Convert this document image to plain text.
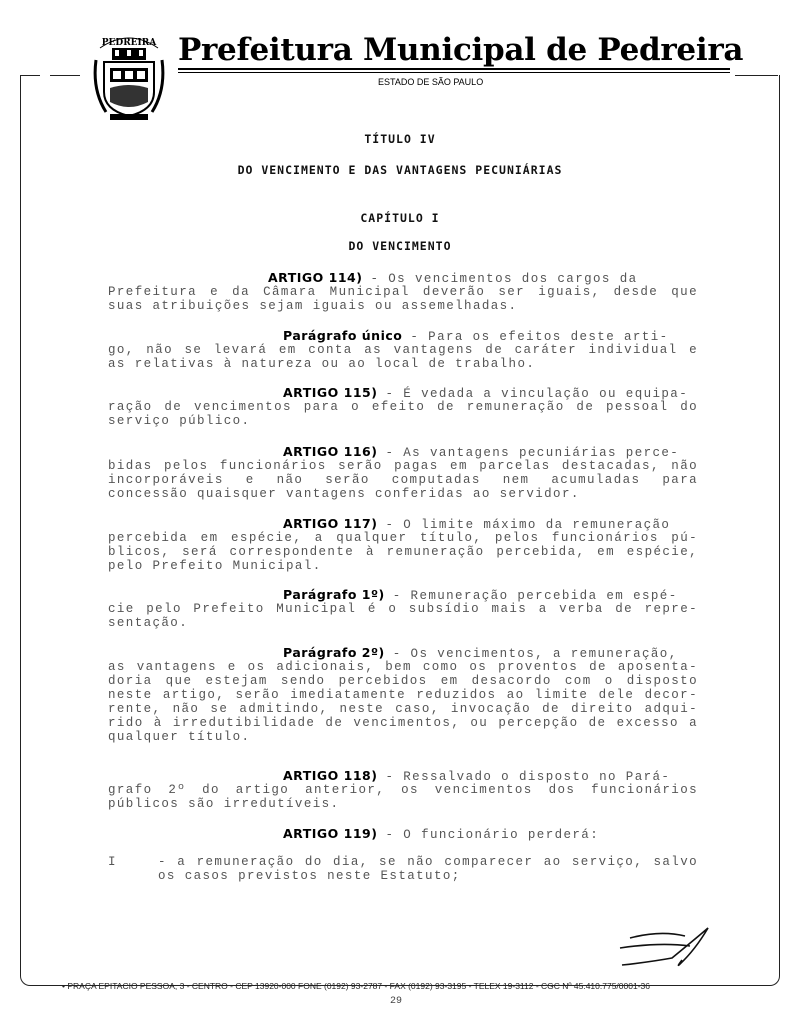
PEDREIRA Prefeitura Municipal de Pedreira
ESTADO DE SÃO PAULO
TÍTULO IV
DO VENCIMENTO E DAS VANTAGENS PECUNIÁRIAS
CAPÍTULO I
DO VENCIMENTO
ARTIGO 114) - Os vencimentos dos cargos da
Prefeitura e da Câmara Municipal deverão ser iguais, desde que
suas atribuições sejam iguais ou assemelhadas.
Parágrafo único - Para os efeitos deste arti-
go, não se levará em conta as vantagens de caráter individual e
as relativas à natureza ou ao local de trabalho.
ARTIGO 115) - É vedada a vinculação ou equipa-
ração de vencimentos para o efeito de remuneração de pessoal do
serviço público.
ARTIGO 116) - As vantagens pecuniárias perce-
bidas pelos funcionários serão pagas em parcelas destacadas, não
incorporáveis e não serão computadas nem acumuladas para
concessão quaisquer vantagens conferidas ao servidor.
ARTIGO 117) - O limite máximo da remuneração
percebida em espécie, a qualquer título, pelos funcionários pú-
blicos, será correspondente à remuneração percebida, em espécie,
pelo Prefeito Municipal.
Parágrafo 1º) - Remuneração percebida em espé-
cie pelo Prefeito Municipal é o subsídio mais a verba de repre-
sentação.
Parágrafo 2º) - Os vencimentos, a remuneração,
as vantagens e os adicionais, bem como os proventos de aposenta-
doria que estejam sendo percebidos em desacordo com o disposto
neste artigo, serão imediatamente reduzidos ao limite dele decor-
rente, não se admitindo, neste caso, invocação de direito adqui-
rido à irredutibilidade de vencimentos, ou percepção de excesso a
qualquer título.
ARTIGO 118) - Ressalvado o disposto no Pará-
grafo 2º do artigo anterior, os vencimentos dos funcionários
públicos são irredutíveis.
ARTIGO 119) - O funcionário perderá:
I	- a remuneração do dia, se não comparecer ao serviço, salvo
os casos previstos neste Estatuto;
• PRAÇA EPITACIO PESSOA, 3 - CENTRO - CEP 13920-000 FONE (0192) 93-2787 - FAX (0192) 93-3195 - TELEX 19-3112 - CGC Nº 45.410.775/0001-36
29
